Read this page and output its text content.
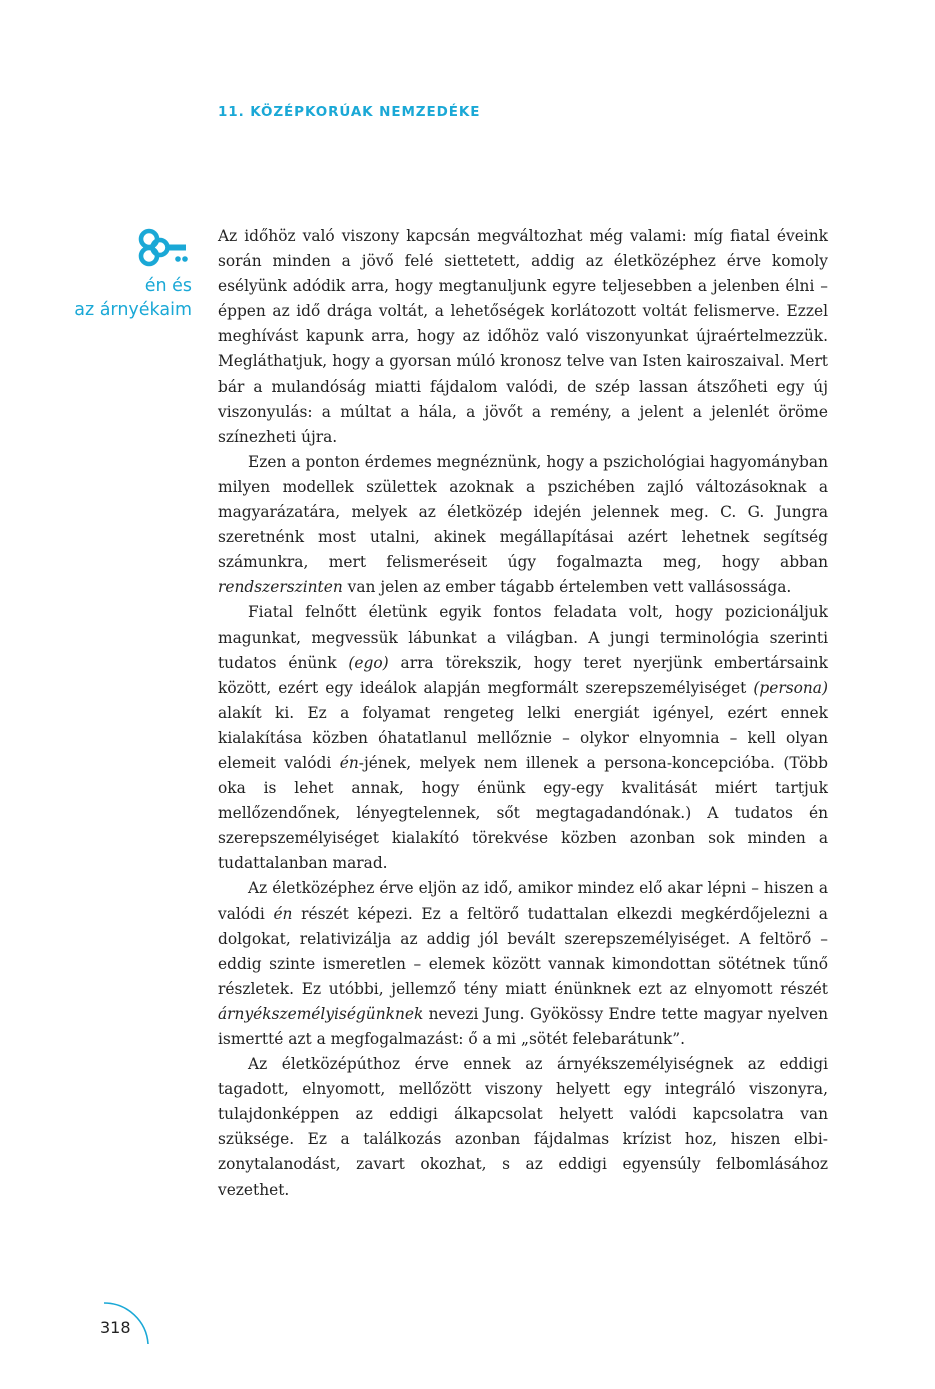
11. KÖZÉPKORÚAK NEMZEDÉKE
én és
az árnyékaim

Az időhöz való viszony kapcsán megváltozhat még valami: míg fiatal éveink során minden a jövő felé siettetett, addig az életközéphez érve komoly esélyünk adódik arra, hogy megtanuljunk egyre teljesebben a jelenben élni – éppen az idő drága voltát, a lehetőségek korlátozott voltát felismerve. Ezzel meghívást kapunk arra, hogy az időhöz való viszonyunkat újraértelmezzük. Megláthatjuk, hogy a gyorsan múló kronosz telve van Isten kairoszaival. Mert bár a mulandóság miatti fájdalom valódi, de szép lassan átszőheti egy új viszonyulás: a múltat a hála, a jövőt a remény, a jelent a jelenlét öröme színezheti újra.

Ezen a ponton érdemes megnéznünk, hogy a pszichológiai hagyományban milyen modellek születtek azoknak a pszichében zajló változásoknak a magyarázatára, melyek az életközép idején jelennek meg. C. G. Jungra szeretnénk most utalni, akinek megállapításai azért lehetnek segítség számunkra, mert felismeréseit úgy fogalmazta meg, hogy abban rendszerszinten van jelen az ember tágabb értelemben vett vallásossága.

Fiatal felnőtt életünk egyik fontos feladata volt, hogy pozicionáljuk magunkat, megvessük lábunkat a világban. A jungi terminológia szerinti tudatos énünk (ego) arra törekszik, hogy teret nyerjünk embertársaink között, ezért egy ideálok alapján megformált szerepszemélyiséget (persona) alakít ki. Ez a folyamat rengeteg lelki energiát igényel, ezért ennek kialakítása közben óhatatlanul mellőznie – olykor elnyomnia – kell olyan elemeit valódi én-jének, melyek nem illenek a persona-koncepcióba. (Több oka is lehet annak, hogy énünk egy-egy kvalitását miért tartjuk mellőzendőnek, lényegtelennek, sőt megtagadandónak.) A tudatos én szerepszemélyiséget kialakító törekvése közben azonban sok minden a tudattalanban marad.

Az életközéphez érve eljön az idő, amikor mindez elő akar lépni – hiszen a valódi én részét képezi. Ez a feltörő tudattalan elkezdi megkérdőjelezni a dolgokat, relativizálja az addig jól bevált szerepszemélyiséget. A feltörő – eddig szinte ismeretlen – elemek között vannak kimondottan sötétnek tűnő részletek. Ez utóbbi, jellemző tény miatt énünknek ezt az elnyomott részét árnyékszemélyiségünknek nevezi Jung. Gyökössy Endre tette magyar nyelven ismertté azt a megfogalmazást: ő a mi „sötét felebarátunk”.

Az életközépúthoz érve ennek az árnyékszemélyiségnek az eddigi tagadott, elnyomott, mellőzött viszony helyett egy integráló viszonyra, tulajdonképpen az eddigi álkapcsolat helyett valódi kapcsolatra van szüksége. Ez a találkozás azonban fájdalmas krízist hoz, hiszen elbizonytalanodást, zavart okozhat, s az eddigi egyensúly felbomlásához vezethet.

318
